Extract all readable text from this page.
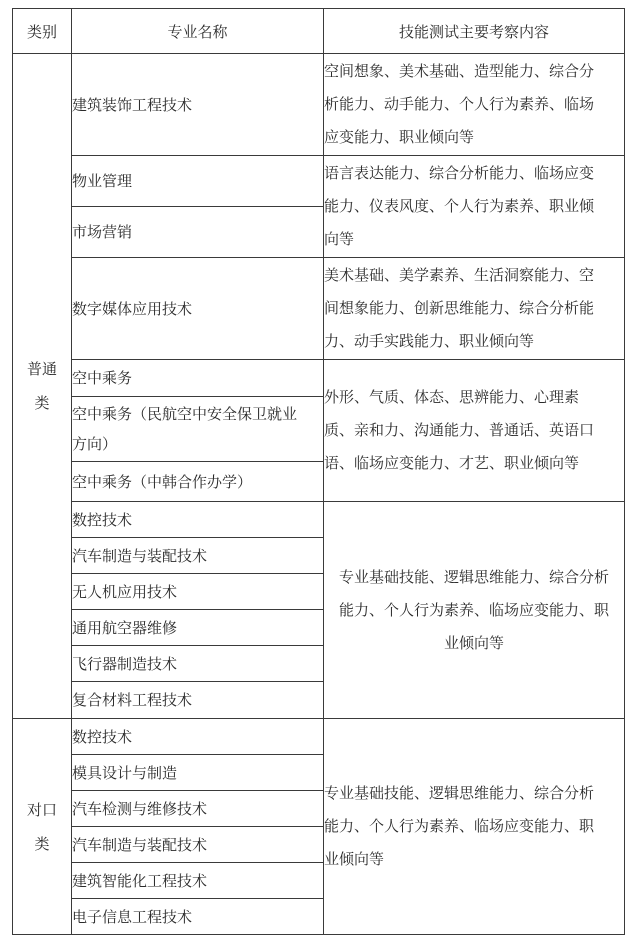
类别	专业名称	技能测试主要考察内容

普通
类	建筑装饰工程技术	空间想象、美术基础、造型能力、综合分
析能力、动手能力、个人行为素养、临场
应变能力、职业倾向等

	物业管理	语言表达能力、综合分析能力、临场应变
能力、仪表风度、个人行为素养、职业倾
向等

	市场营销	
	数字媒体应用技术	美术基础、美学素养、生活洞察能力、空
间想象能力、创新思维能力、综合分析能
力、动手实践能力、职业倾向等

	空中乘务	外形、气质、体态、思辨能力、心理素
质、亲和力、沟通能力、普通话、英语口
语、临场应变能力、才艺、职业倾向等

	空中乘务（民航空中安全保卫就业
方向）	

	空中乘务（中韩合作办学）	
	数控技术	专业基础技能、逻辑思维能力、综合分析
能力、个人行为素养、临场应变能力、职
业倾向等

	汽车制造与装配技术	
	无人机应用技术	
	通用航空器维修	
	飞行器制造技术	
	复合材料工程技术	

对口
类	数控技术	专业基础技能、逻辑思维能力、综合分析
能力、个人行为素养、临场应变能力、职
业倾向等

	模具设计与制造	
	汽车检测与维修技术	
	汽车制造与装配技术	
	建筑智能化工程技术	
	电子信息工程技术	
